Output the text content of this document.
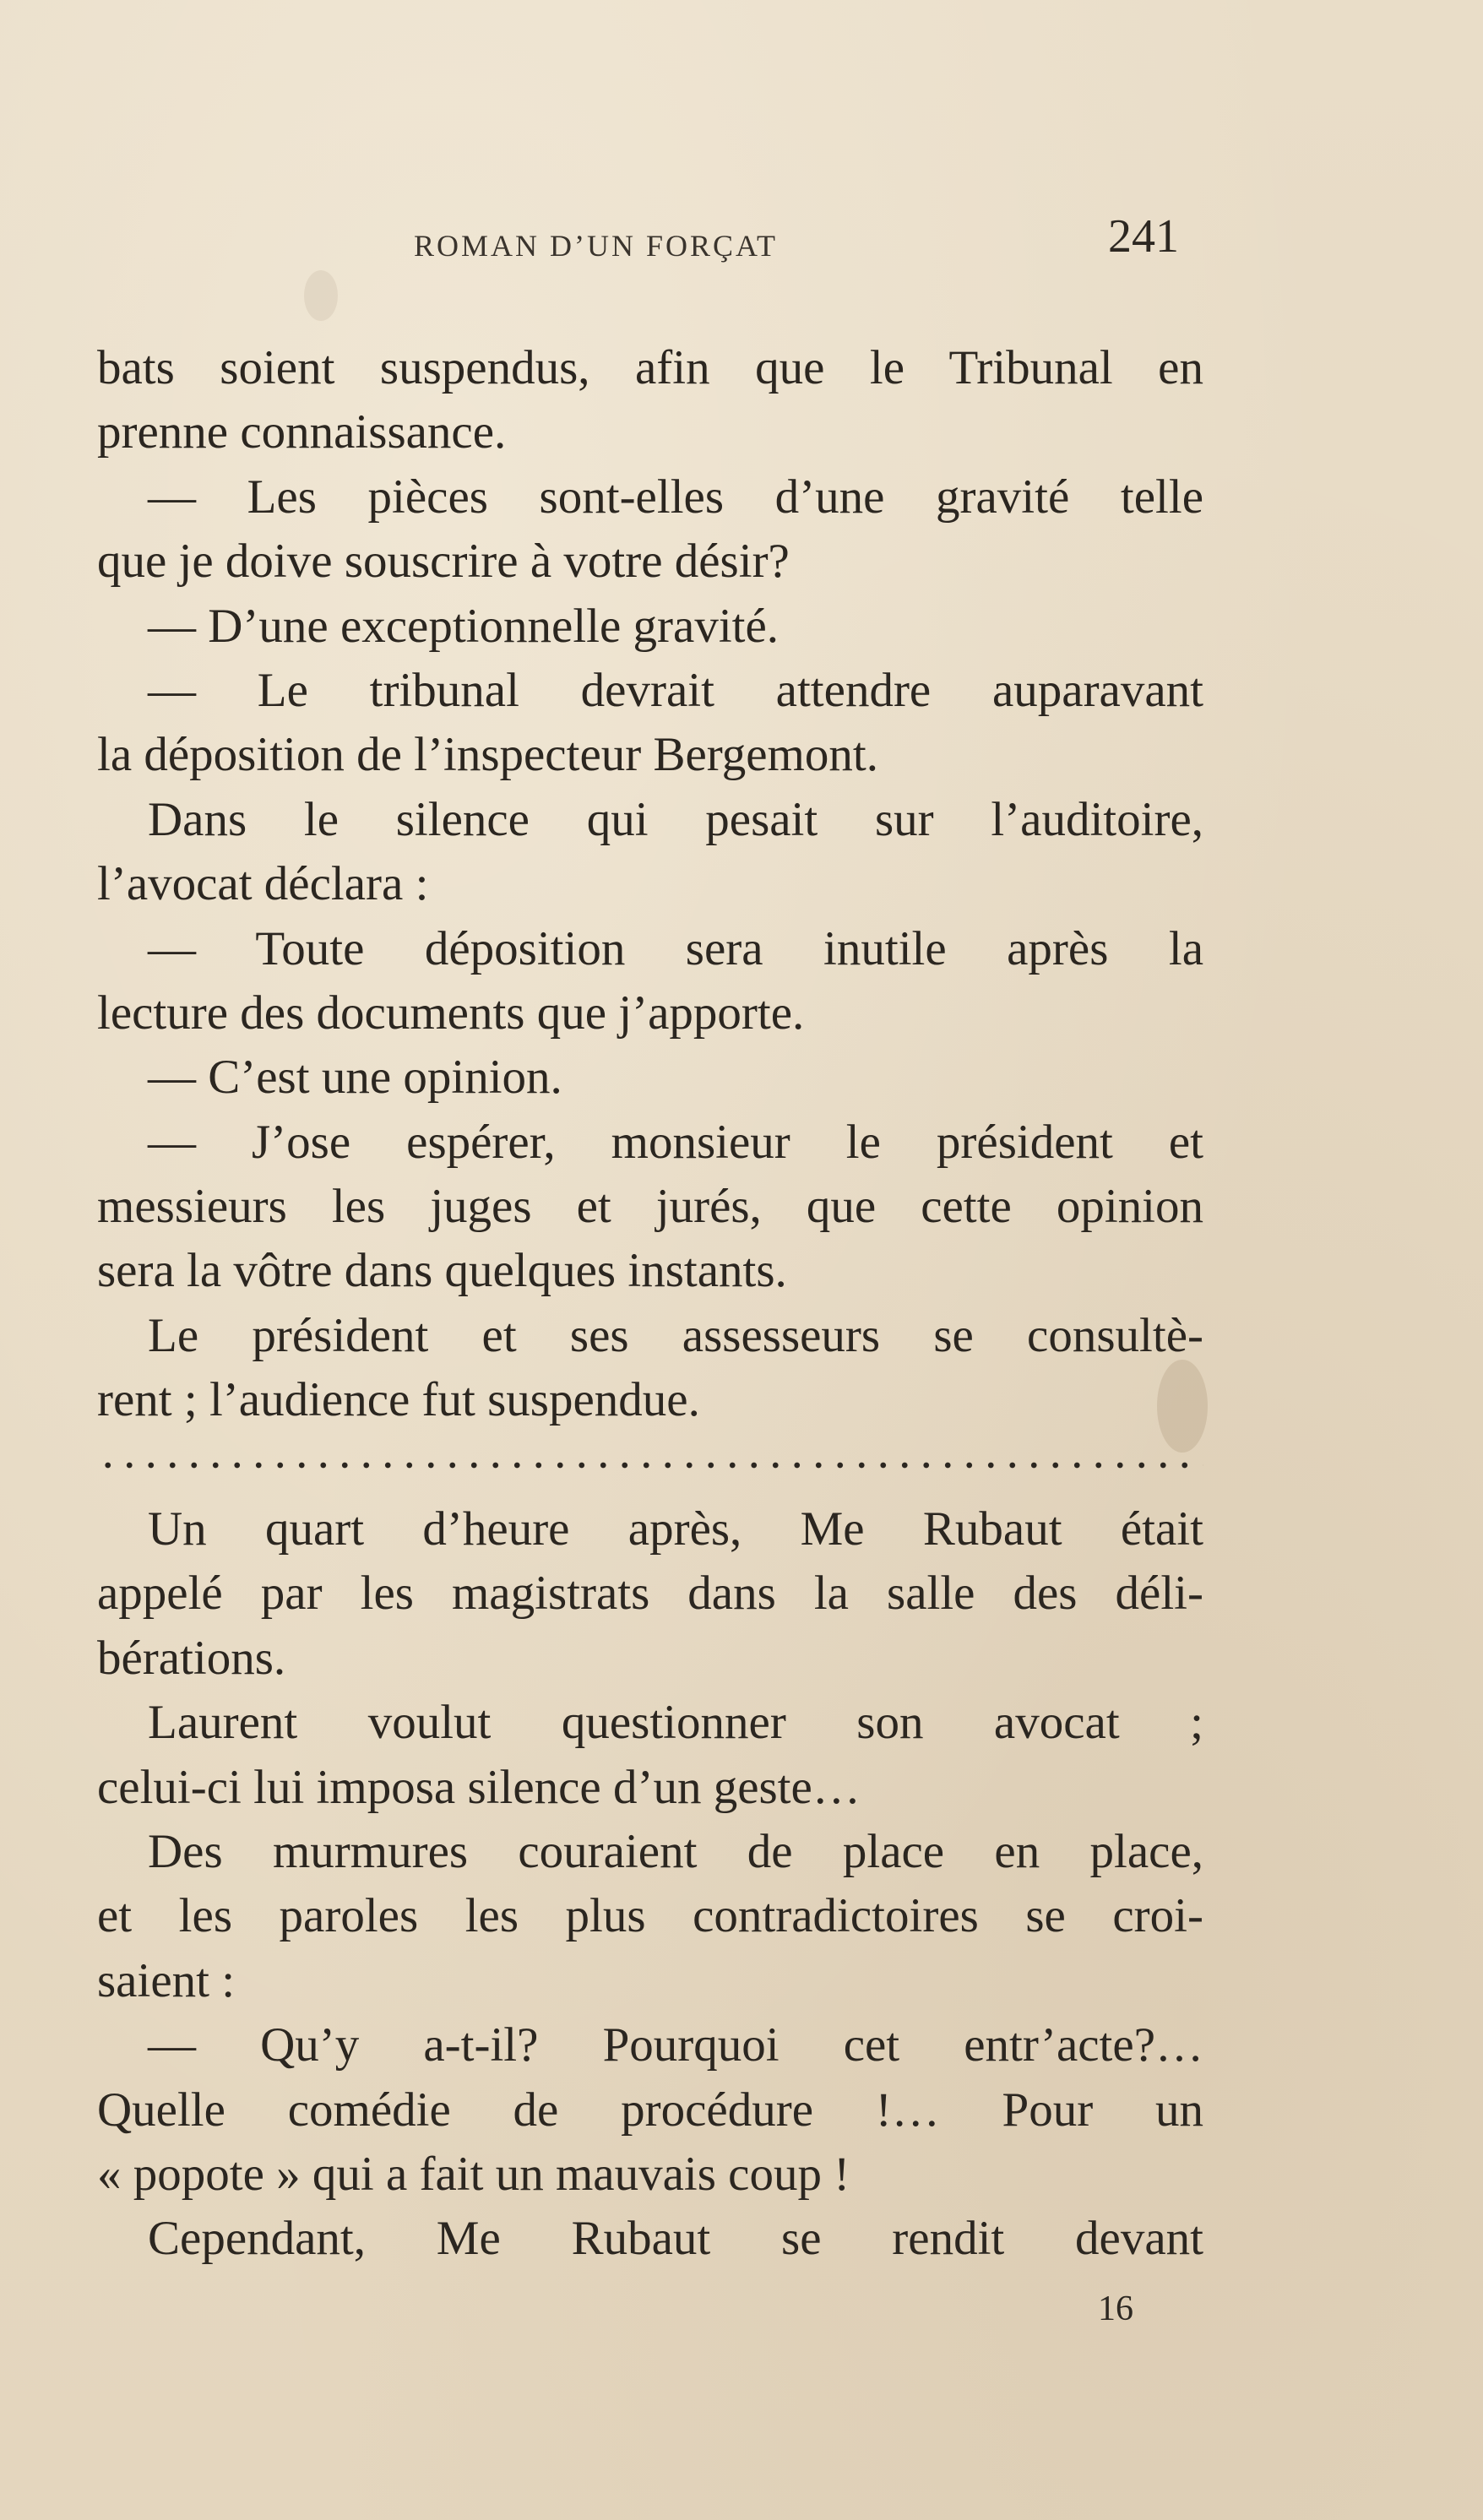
ROMAN D’UN FORÇAT	241
bats soient suspendus, afin que le Tribunal en
prenne connaissance.
— Les pièces sont-elles d’une gravité telle
que je doive souscrire à votre désir?
— D’une exceptionnelle gravité.
— Le tribunal devrait attendre auparavant
la déposition de l’inspecteur Bergemont.
Dans le silence qui pesait sur l’auditoire,
l’avocat déclara :
— Toute déposition sera inutile après la
lecture des documents que j’apporte.
— C’est une opinion.
— J’ose espérer, monsieur le président et
messieurs les juges et jurés, que cette opinion
sera la vôtre dans quelques instants.
Le président et ses assesseurs se consultè-
rent ; l’audience fut suspendue.
Un quart d’heure après, Me Rubaut était
appelé par les magistrats dans la salle des déli-
bérations.
Laurent voulut questionner son avocat ;
celui-ci lui imposa silence d’un geste…
Des murmures couraient de place en place,
et les paroles les plus contradictoires se croi-
saient :
— Qu’y a-t-il? Pourquoi cet entr’acte?…
Quelle comédie de procédure !… Pour un
« popote » qui a fait un mauvais coup !
Cependant, Me Rubaut se rendit devant
16
